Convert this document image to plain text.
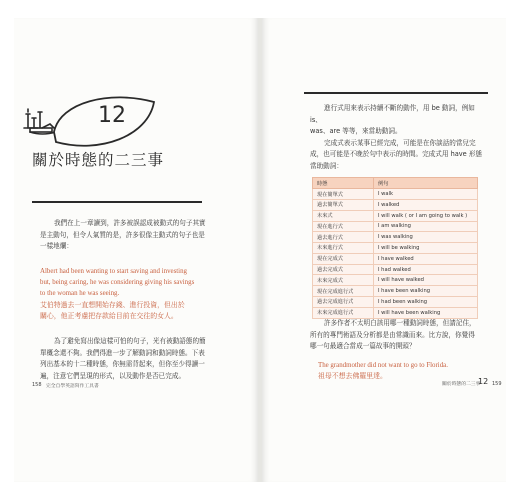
12
關於時態的二三事
我們在上一章讀到，許多被誤認成被動式的句子其實
是主動句，但令人氣質的是，許多很像主動式的句子也是
一樣地爛：
Albert had been wanting to start saving and investing
but, being caring, he was considering giving his savings
to the woman he was seeing.
艾伯特過去一直想開始存錢、進行投資，但出於
關心，他正考慮把存款給目前在交往的女人。
為了避免寫出像這樣可怕的句子，光有被動語態的簡
單概念還不夠。我們得進一步了解動詞和動詞時態。下表
列出基本的十二種時態，你無需背起來，但你至少得讀一
遍，注意它們呈現的形式，以及動作是否已完成。
158 完全自學英語寫作工具書
進行式用來表示持續不斷的動作，用 be 動詞，例如 is、
was、are 等等，來當助動詞。
完成式表示某事已經完成，可能是在你談話的當兒完
成，也可能是不晚於句中表示的時間。完成式用 have 形態
當助動詞：
時態	例句
現在簡單式	I walk
過去簡單式	I walked
未來式	I will walk ( or I am going to walk )
現在進行式	I am walking
過去進行式	I was walking
未來進行式	I will be walking
現在完成式	I have walked
過去完成式	I had walked
未來完成式	I will have walked
現在完成進行式	I have been walking
過去完成進行式	I had been walking
未來完成進行式	I will have been walking
許多作者不太明白該用哪一種動詞時態，但請記住，
所有的專門術語及分析都是由常識而來。比方說，你覺得
哪一句最適合當成一篇故事的開頭？
The grandmother did not want to go to Florida.
祖母不想去佛羅里達。
關於時態的二三事
12 159
